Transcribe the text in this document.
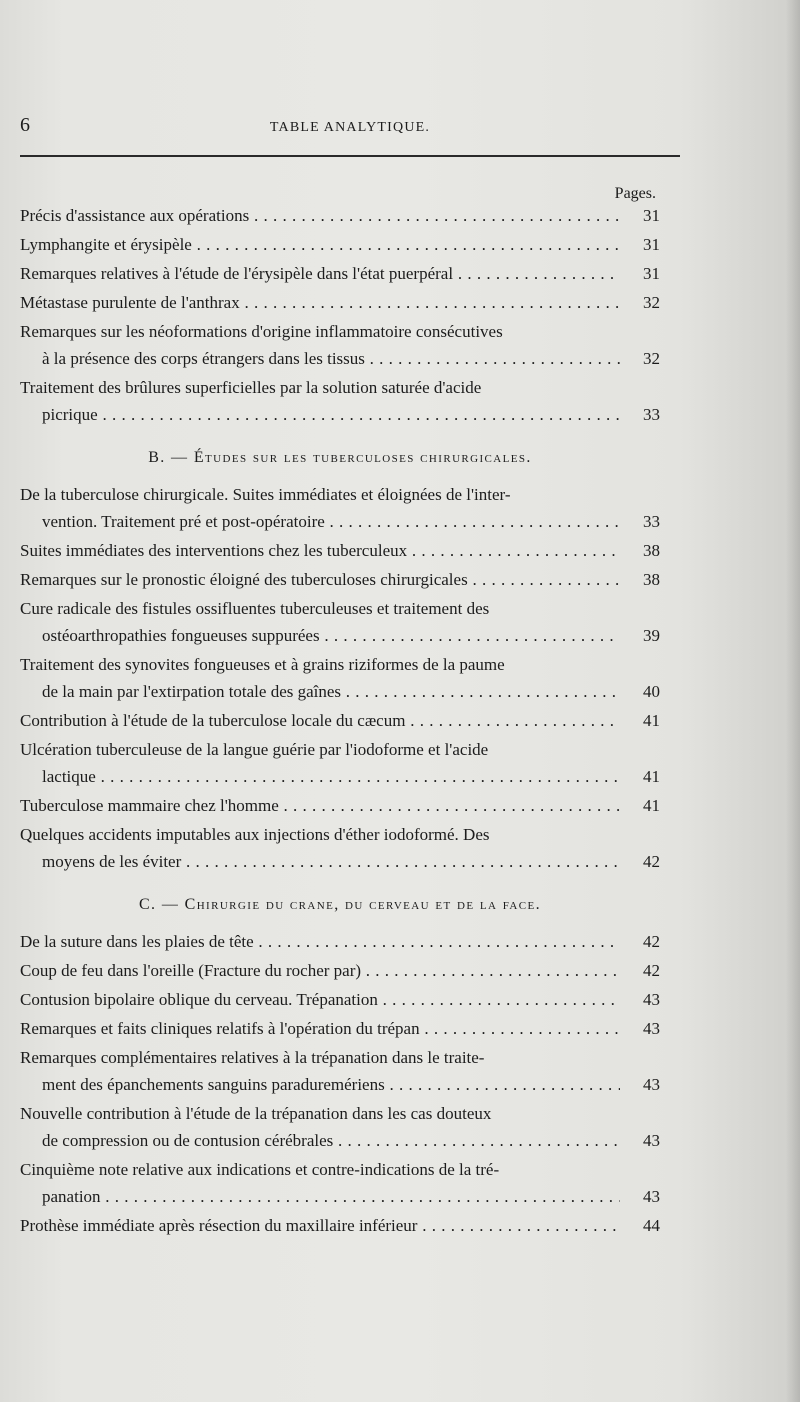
6	TABLE ANALYTIQUE.
Pages.
Précis d'assistance aux opérations . . .	31
Lymphangite et érysipèle . . .	31
Remarques relatives à l'étude de l'érysipèle dans l'état puerpéral . . .	31
Métastase purulente de l'anthrax . . .	32
Remarques sur les néoformations d'origine inflammatoire consécutives
à la présence des corps étrangers dans les tissus . . .	32
Traitement des brûlures superficielles par la solution saturée d'acide
picrique . . .	33
B. — Études sur les tuberculoses chirurgicales.
De la tuberculose chirurgicale. Suites immédiates et éloignées de l'inter-
vention. Traitement pré et post-opératoire . . .	33
Suites immédiates des interventions chez les tuberculeux . . .	38
Remarques sur le pronostic éloigné des tuberculoses chirurgicales . . .	38
Cure radicale des fistules ossifluentes tuberculeuses et traitement des
ostéoarthropathies fongueuses suppurées . . .	39
Traitement des synovites fongueuses et à grains riziformes de la paume
de la main par l'extirpation totale des gaînes . . .	40
Contribution à l'étude de la tuberculose locale du cæcum . . .	41
Ulcération tuberculeuse de la langue guérie par l'iodoforme et l'acide
lactique . . .	41
Tuberculose mammaire chez l'homme . . .	41
Quelques accidents imputables aux injections d'éther iodoformé. Des
moyens de les éviter . . .	42
C. — Chirurgie du crane, du cerveau et de la face.
De la suture dans les plaies de tête . . .	42
Coup de feu dans l'oreille (Fracture du rocher par) . . .	42
Contusion bipolaire oblique du cerveau. Trépanation . . .	43
Remarques et faits cliniques relatifs à l'opération du trépan . . .	43
Remarques complémentaires relatives à la trépanation dans le traite-
ment des épanchements sanguins paraduremériens . . .	43
Nouvelle contribution à l'étude de la trépanation dans les cas douteux
de compression ou de contusion cérébrales . . .	43
Cinquième note relative aux indications et contre-indications de la tré-
panation . . .	43
Prothèse immédiate après résection du maxillaire inférieur . . .	44
